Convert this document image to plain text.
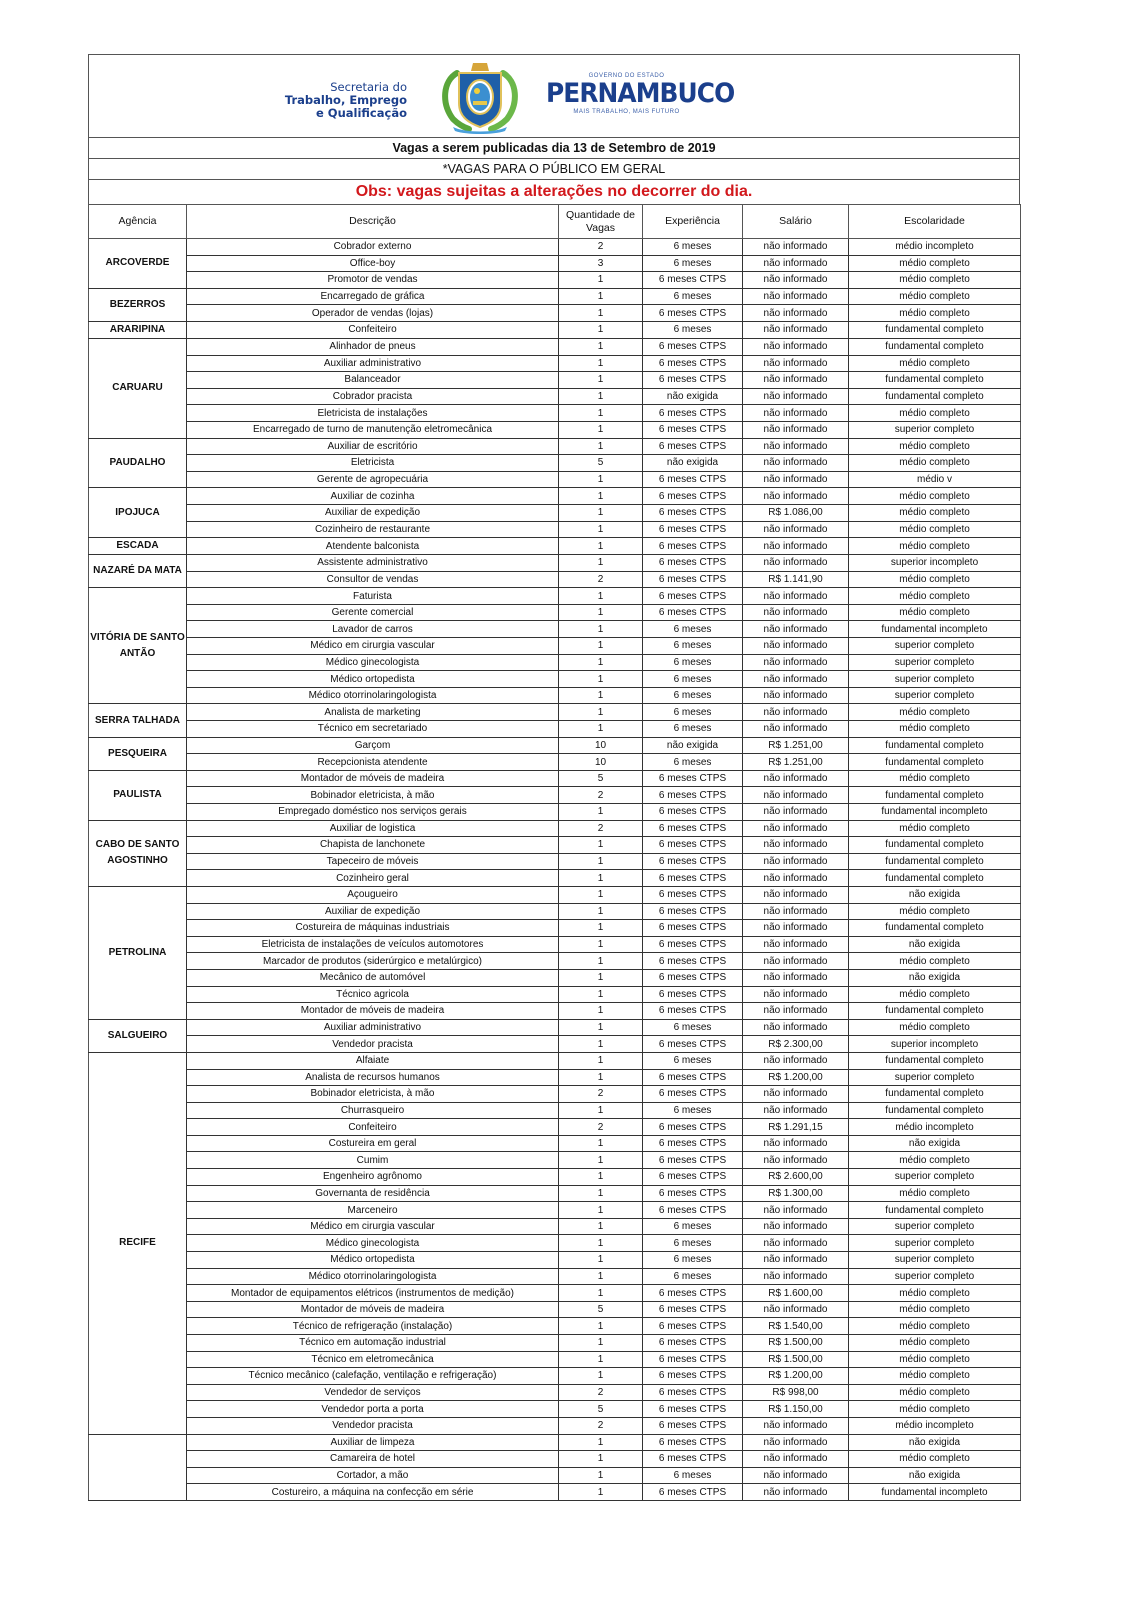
Secretaria do
Trabalho, Emprego
e Qualificação
GOVERNO DO ESTADO
PERNAMBUCO
MAIS TRABALHO, MAIS FUTURO
Vagas a serem publicadas dia 13 de Setembro de 2019
*VAGAS PARA O PÚBLICO EM GERAL
Obs: vagas sujeitas a alterações no decorrer do dia.
Agência	Descrição	Quantidade de Vagas	Experiência	Salário	Escolaridade
ARCOVERDE	Cobrador externo	2	6 meses	não informado	médio incompleto
	Office-boy	3	6 meses	não informado	médio completo
	Promotor de vendas	1	6 meses CTPS	não informado	médio completo
BEZERROS	Encarregado de gráfica	1	6 meses	não informado	médio completo
	Operador de vendas (lojas)	1	6 meses CTPS	não informado	médio completo
ARARIPINA	Confeiteiro	1	6 meses	não informado	fundamental completo
CARUARU	Alinhador de pneus	1	6 meses CTPS	não informado	fundamental completo
	Auxiliar administrativo	1	6 meses CTPS	não informado	médio completo
	Balanceador	1	6 meses CTPS	não informado	fundamental completo
	Cobrador pracista	1	não exigida	não informado	fundamental completo
	Eletricista de instalações	1	6 meses CTPS	não informado	médio completo
	Encarregado de turno de manutenção eletromecânica	1	6 meses CTPS	não informado	superior completo
PAUDALHO	Auxiliar de escritório	1	6 meses CTPS	não informado	médio completo
	Eletricista	5	não exigida	não informado	médio completo
	Gerente de agropecuária	1	6 meses CTPS	não informado	médio v
IPOJUCA	Auxiliar de cozinha	1	6 meses CTPS	não informado	médio completo
	Auxiliar de expedição	1	6 meses CTPS	R$ 1.086,00	médio completo
	Cozinheiro de restaurante	1	6 meses CTPS	não informado	médio completo
ESCADA	Atendente balconista	1	6 meses CTPS	não informado	médio completo
NAZARÉ DA MATA	Assistente administrativo	1	6 meses CTPS	não informado	superior incompleto
	Consultor de vendas	2	6 meses CTPS	R$ 1.141,90	médio completo
VITÓRIA DE SANTO ANTÃO	Faturista	1	6 meses CTPS	não informado	médio completo
	Gerente comercial	1	6 meses CTPS	não informado	médio completo
	Lavador de carros	1	6 meses	não informado	fundamental incompleto
	Médico em cirurgia vascular	1	6 meses	não informado	superior completo
	Médico ginecologista	1	6 meses	não informado	superior completo
	Médico ortopedista	1	6 meses	não informado	superior completo
	Médico otorrinolaringologista	1	6 meses	não informado	superior completo
SERRA TALHADA	Analista de marketing	1	6 meses	não informado	médio completo
	Técnico em secretariado	1	6 meses	não informado	médio completo
PESQUEIRA	Garçom	10	não exigida	R$ 1.251,00	fundamental completo
	Recepcionista atendente	10	6 meses	R$ 1.251,00	fundamental completo
PAULISTA	Montador de móveis de madeira	5	6 meses CTPS	não informado	médio completo
	Bobinador eletricista, à mão	2	6 meses CTPS	não informado	fundamental completo
	Empregado doméstico nos serviços gerais	1	6 meses CTPS	não informado	fundamental incompleto
CABO DE SANTO AGOSTINHO	Auxiliar de logistica	2	6 meses CTPS	não informado	médio completo
	Chapista de lanchonete	1	6 meses CTPS	não informado	fundamental completo
	Tapeceiro de móveis	1	6 meses CTPS	não informado	fundamental completo
	Cozinheiro geral	1	6 meses CTPS	não informado	fundamental completo
PETROLINA	Açougueiro	1	6 meses CTPS	não informado	não exigida
	Auxiliar de expedição	1	6 meses CTPS	não informado	médio completo
	Costureira de máquinas industriais	1	6 meses CTPS	não informado	fundamental completo
	Eletricista de instalações de veículos automotores	1	6 meses CTPS	não informado	não exigida
	Marcador de produtos (siderúrgico e metalúrgico)	1	6 meses CTPS	não informado	médio completo
	Mecânico de automóvel	1	6 meses CTPS	não informado	não exigida
	Técnico agricola	1	6 meses CTPS	não informado	médio completo
	Montador de móveis de madeira	1	6 meses CTPS	não informado	fundamental completo
SALGUEIRO	Auxiliar administrativo	1	6 meses	não informado	médio completo
	Vendedor pracista	1	6 meses CTPS	R$ 2.300,00	superior incompleto
RECIFE	Alfaiate	1	6 meses	não informado	fundamental completo
	Analista de recursos humanos	1	6 meses CTPS	R$ 1.200,00	superior completo
	Bobinador eletricista, à mão	2	6 meses CTPS	não informado	fundamental completo
	Churrasqueiro	1	6 meses	não informado	fundamental completo
	Confeiteiro	2	6 meses CTPS	R$ 1.291,15	médio incompleto
	Costureira em geral	1	6 meses CTPS	não informado	não exigida
	Cumim	1	6 meses CTPS	não informado	médio completo
	Engenheiro agrônomo	1	6 meses CTPS	R$ 2.600,00	superior completo
	Governanta de residência	1	6 meses CTPS	R$ 1.300,00	médio completo
	Marceneiro	1	6 meses CTPS	não informado	fundamental completo
	Médico em cirurgia vascular	1	6 meses	não informado	superior completo
	Médico ginecologista	1	6 meses	não informado	superior completo
	Médico ortopedista	1	6 meses	não informado	superior completo
	Médico otorrinolaringologista	1	6 meses	não informado	superior completo
	Montador de equipamentos elétricos (instrumentos de medição)	1	6 meses CTPS	R$ 1.600,00	médio completo
	Montador de móveis de madeira	5	6 meses CTPS	não informado	médio completo
	Técnico de refrigeração (instalação)	1	6 meses CTPS	R$ 1.540,00	médio completo
	Técnico em automação industrial	1	6 meses CTPS	R$ 1.500,00	médio completo
	Técnico em eletromecânica	1	6 meses CTPS	R$ 1.500,00	médio completo
	Técnico mecânico (calefação, ventilação e refrigeração)	1	6 meses CTPS	R$ 1.200,00	médio completo
	Vendedor de serviços	2	6 meses CTPS	R$ 998,00	médio completo
	Vendedor porta a porta	5	6 meses CTPS	R$ 1.150,00	médio completo
	Vendedor pracista	2	6 meses CTPS	não informado	médio incompleto
	Auxiliar de limpeza	1	6 meses CTPS	não informado	não exigida
	Camareira de hotel	1	6 meses CTPS	não informado	médio completo
	Cortador, a mão	1	6 meses	não informado	não exigida
	Costureiro, a máquina na confecção em série	1	6 meses CTPS	não informado	fundamental incompleto
